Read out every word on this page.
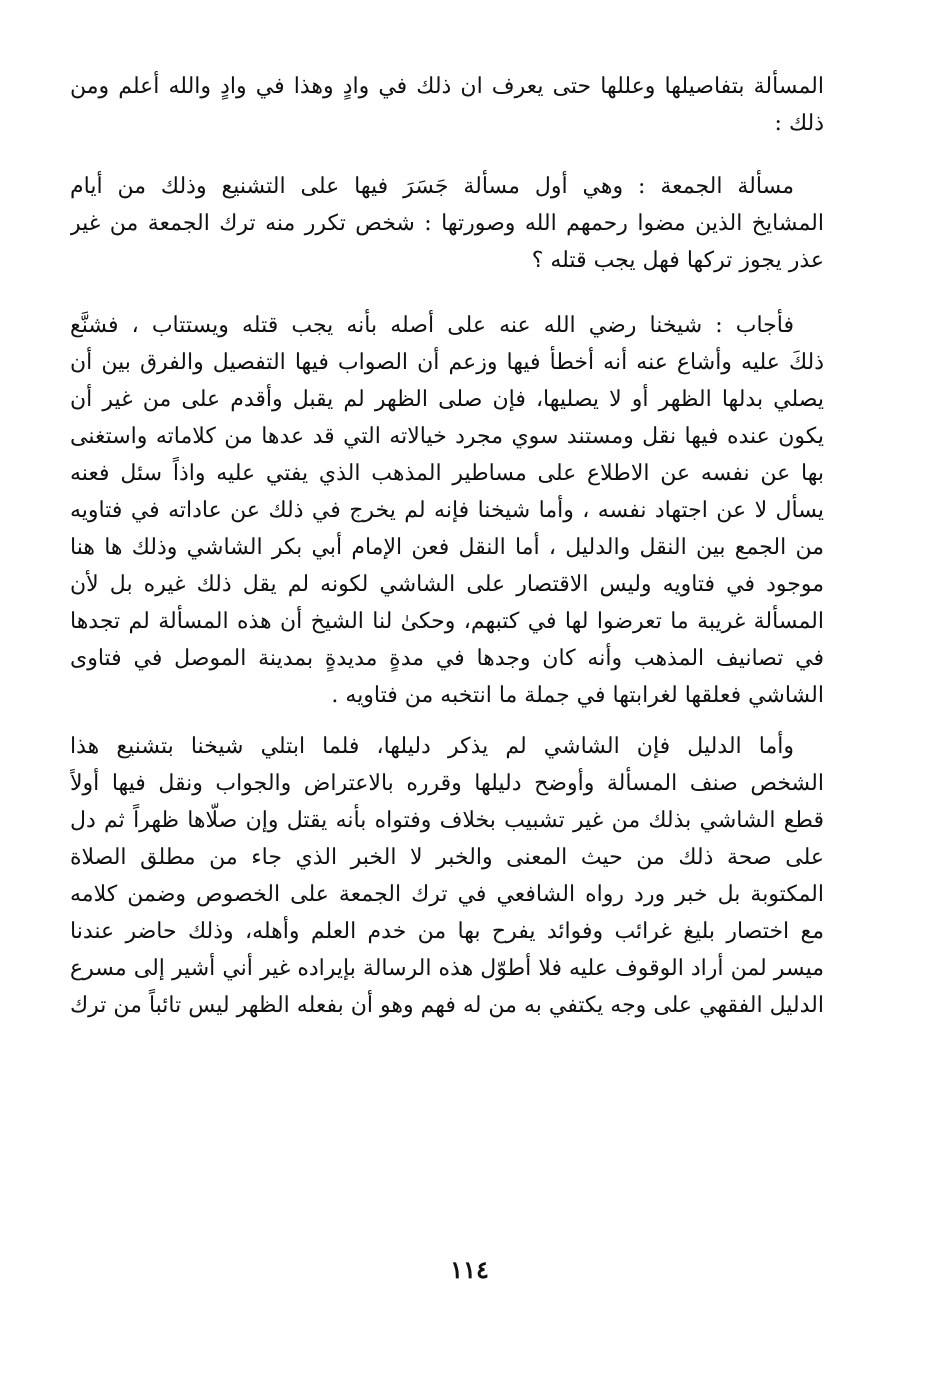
المسألة بتفاصيلها وعللها حتى يعرف ان ذلك في وادٍ وهذا في وادٍ والله أعلم ومن
ذلك :
مسألة الجمعة : وهي أول مسألة جَسَرَ فيها على التشنيع وذلك من أيام
المشايخ الذين مضوا رحمهم الله وصورتها : شخص تكرر منه ترك الجمعة من غير
عذر يجوز تركها فهل يجب قتله ؟
فأجاب : شيخنا رضي الله عنه على أصله بأنه يجب قتله ويستتاب ، فشنَّع
ذلكَ عليه وأشاع عنه أنه أخطأ فيها وزعم أن الصواب فيها التفصيل والفرق بين أن
يصلي بدلها الظهر أو لا يصليها، فإن صلى الظهر لم يقبل وأقدم على من غير أن
يكون عنده فيها نقل ومستند سوي مجرد خيالاته التي قد عدها من كلاماته واستغنى
بها عن نفسه عن الاطلاع على مساطير المذهب الذي يفتي عليه واذاً سئل فعنه
يسأل لا عن اجتهاد نفسه ، وأما شيخنا فإنه لم يخرج في ذلك عن عاداته في فتاويه
من الجمع بين النقل والدليل ، أما النقل فعن الإمام أبي بكر الشاشي وذلك ها هنا
موجود في فتاويه وليس الاقتصار على الشاشي لكونه لم يقل ذلك غيره بل لأن
المسألة غريبة ما تعرضوا لها في كتبهم، وحكىٰ لنا الشيخ أن هذه المسألة لم تجدها
في تصانيف المذهب وأنه كان وجدها في مدةٍ مديدةٍ بمدينة الموصل في فتاوى
الشاشي فعلقها لغرابتها في جملة ما انتخبه من فتاويه .
وأما الدليل فإن الشاشي لم يذكر دليلها، فلما ابتلي شيخنا بتشنيع هذا
الشخص صنف المسألة وأوضح دليلها وقرره بالاعتراض والجواب ونقل فيها أولاً
قطع الشاشي بذلك من غير تشبيب بخلاف وفتواه بأنه يقتل وإن صلّاها ظهراً ثم دل
على صحة ذلك من حيث المعنى والخبر لا الخبر الذي جاء من مطلق الصلاة
المكتوبة بل خبر ورد رواه الشافعي في ترك الجمعة على الخصوص وضمن كلامه
مع اختصار بليغ غرائب وفوائد يفرح بها من خدم العلم وأهله، وذلك حاضر عندنا
ميسر لمن أراد الوقوف عليه فلا أطوّل هذه الرسالة بإيراده غير أني أشير إلى مسرع
الدليل الفقهي على وجه يكتفي به من له فهم وهو أن بفعله الظهر ليس تائباً من ترك
١١٤
